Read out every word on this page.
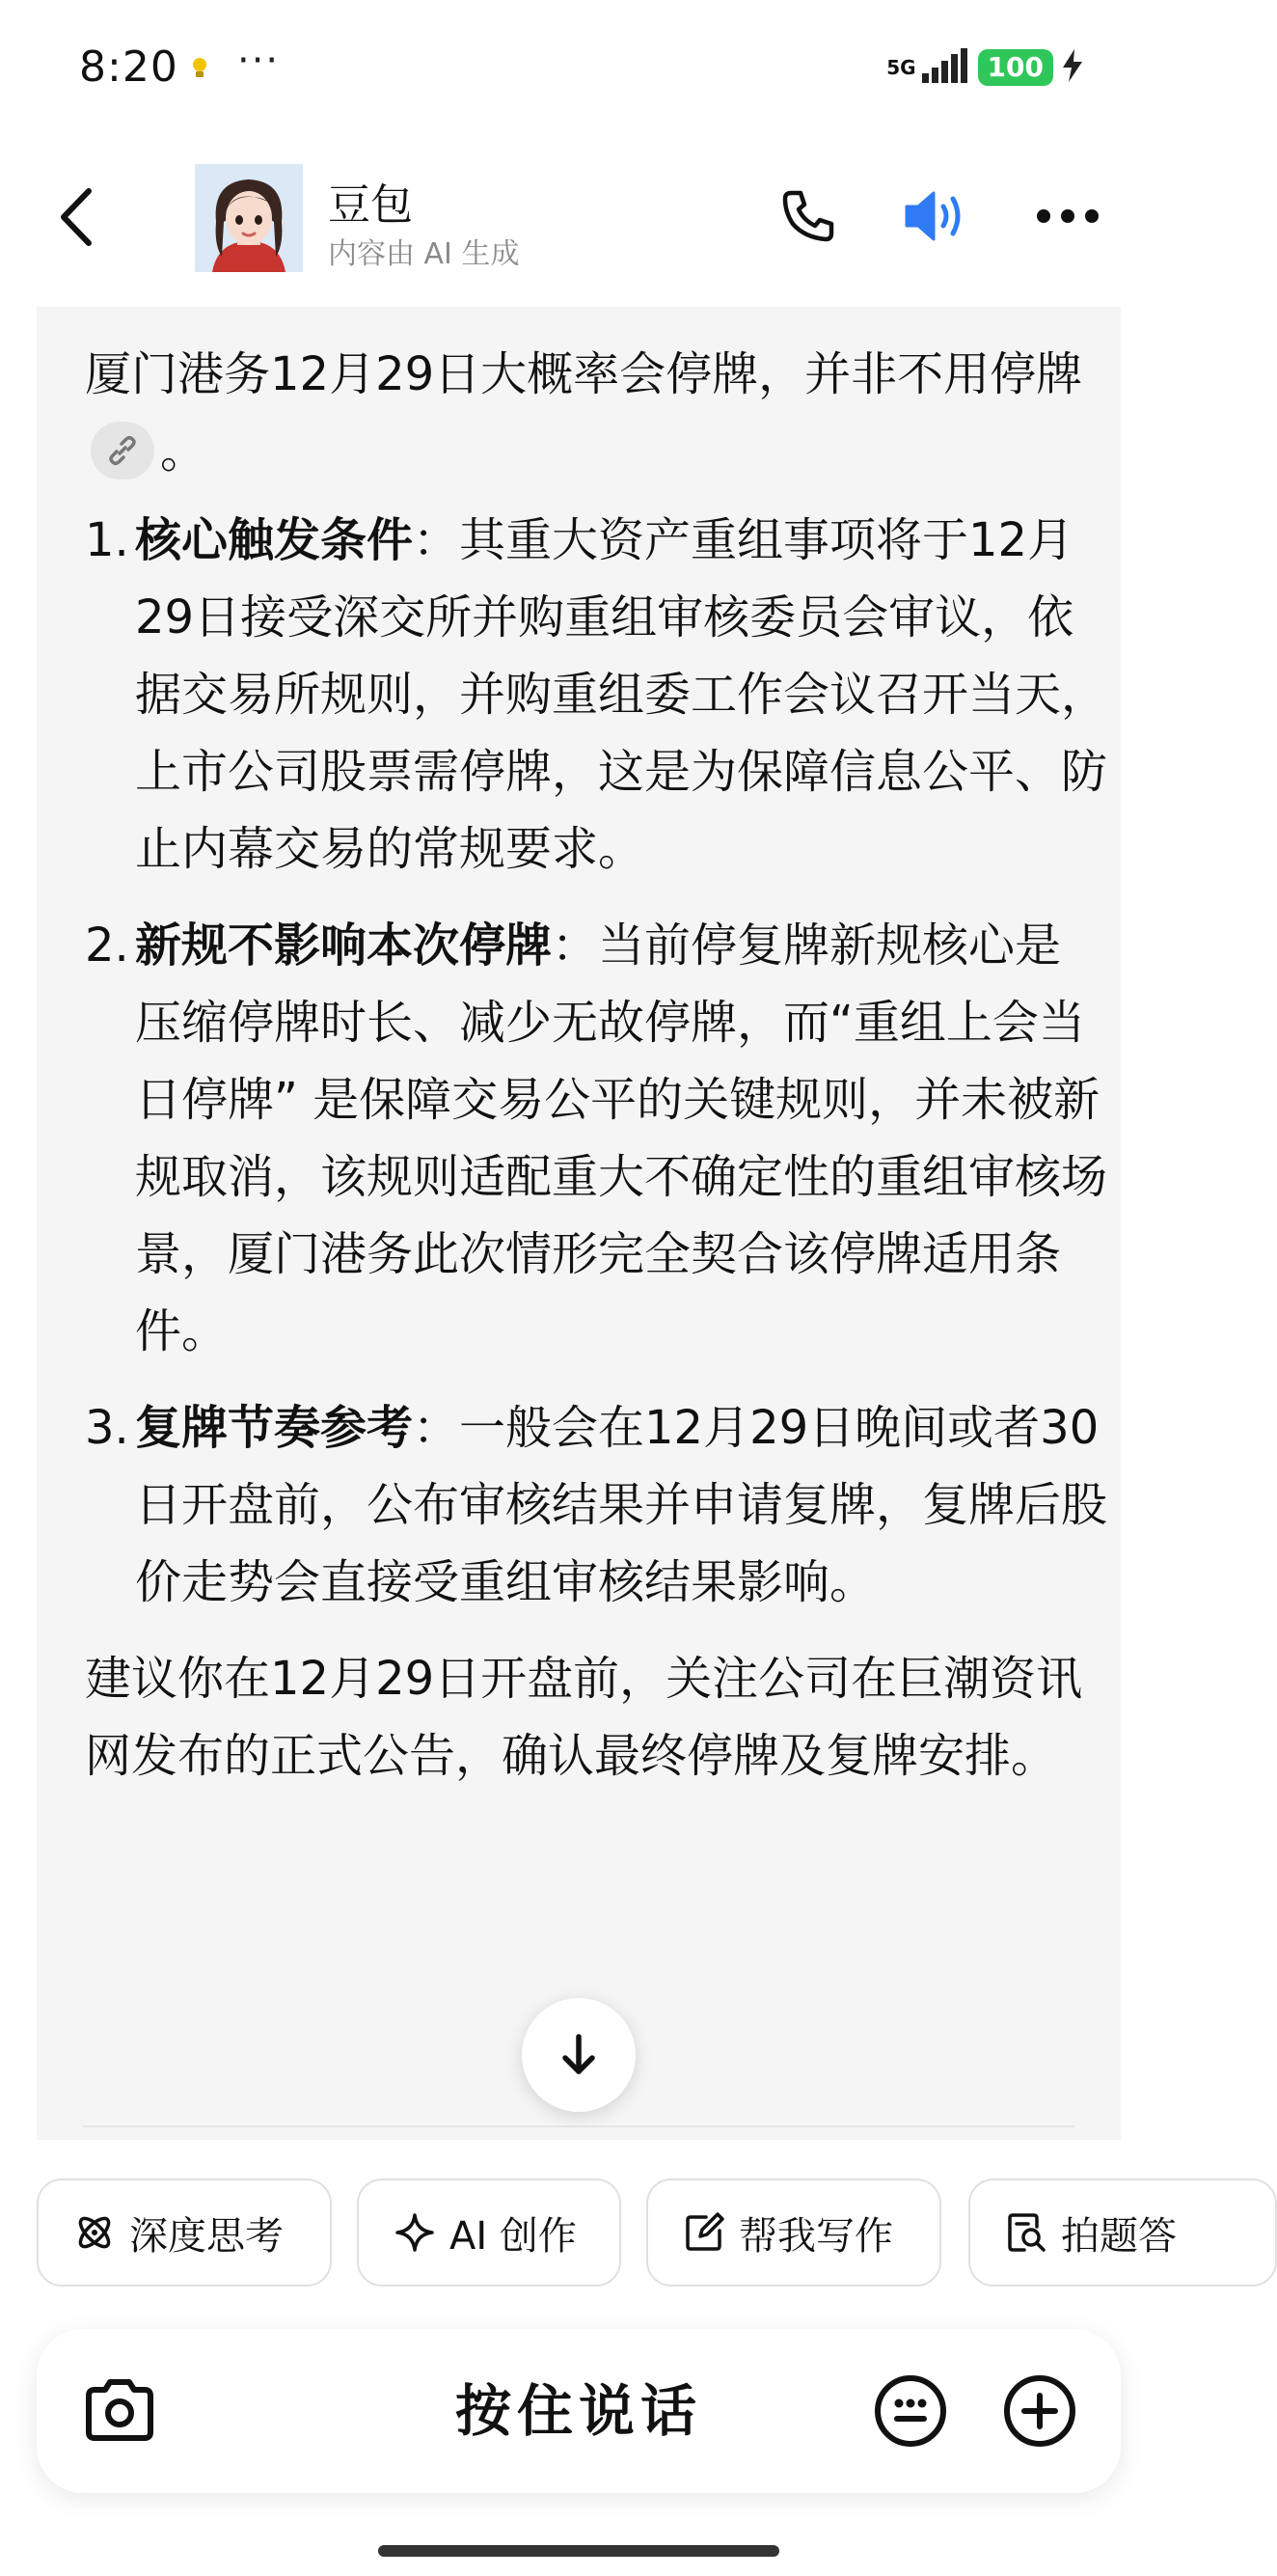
8:20 ···	5G	100
豆包
内容由 AI 生成

厦门港务12月29日大概率会停牌，并非不用停牌
。

1. 核心触发条件：其重大资产重组事项将于12月29日接受深交所并购重组审核委员会审议，依据交易所规则，并购重组委工作会议召开当天，上市公司股票需停牌，这是为保障信息公平、防止内幕交易的常规要求。
2. 新规不影响本次停牌：当前停复牌新规核心是压缩停牌时长、减少无故停牌，而“重组上会当日停牌” 是保障交易公平的关键规则，并未被新规取消，该规则适配重大不确定性的重组审核场景，厦门港务此次情形完全契合该停牌适用条件。
3. 复牌节奏参考：一般会在12月29日晚间或者30日开盘前，公布审核结果并申请复牌，复牌后股价走势会直接受重组审核结果影响。

建议你在12月29日开盘前，关注公司在巨潮资讯网发布的正式公告，确认最终停牌及复牌安排。

深度思考	AI 创作	帮我写作	拍题答
按住说话
